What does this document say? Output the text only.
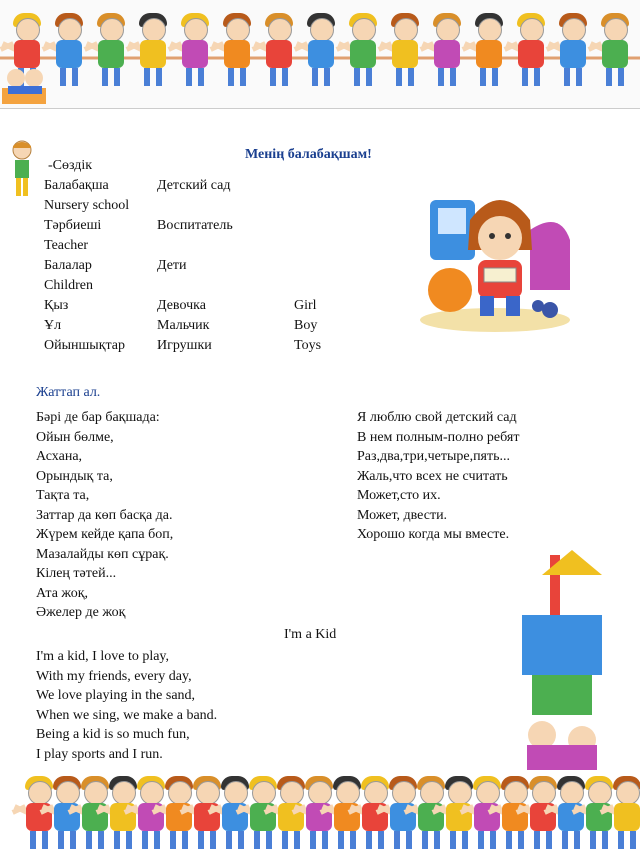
Менің балабақшам!
-Сөздік
Балабақша	Детский сад
Nursery school
Тәрбиеші	Воспитатель
Teacher
Балалар	Дети
Children
Қыз	Девочка	Girl
Ұл	Мальчик	Boy
Ойыншықтар Игрушки	Toys
Жаттап ал.
Бәрі де бар бақшада:
Ойын бөлме,
Асхана,
Орындық та,
Тақта та,
Заттар да көп басқа да.
Жүрем кейде қапа боп,
Мазалайды көп сұрақ.
Кілең тәтей...
Ата жоқ,
Әжелер де жоқ
Я люблю свой детский сад
В нем полным-полно ребят
Раз,два,три,четыре,пять...
Жаль,что всех не считать
Может,сто их.
Может, двести.
Хорошо когда мы вместе.
I'm a Kid
I'm a kid, I love to play,
With my friends, every day,
We love playing in the sand,
When we sing, we make a band.
Being a kid is so much fun,
I play sports and I run.
